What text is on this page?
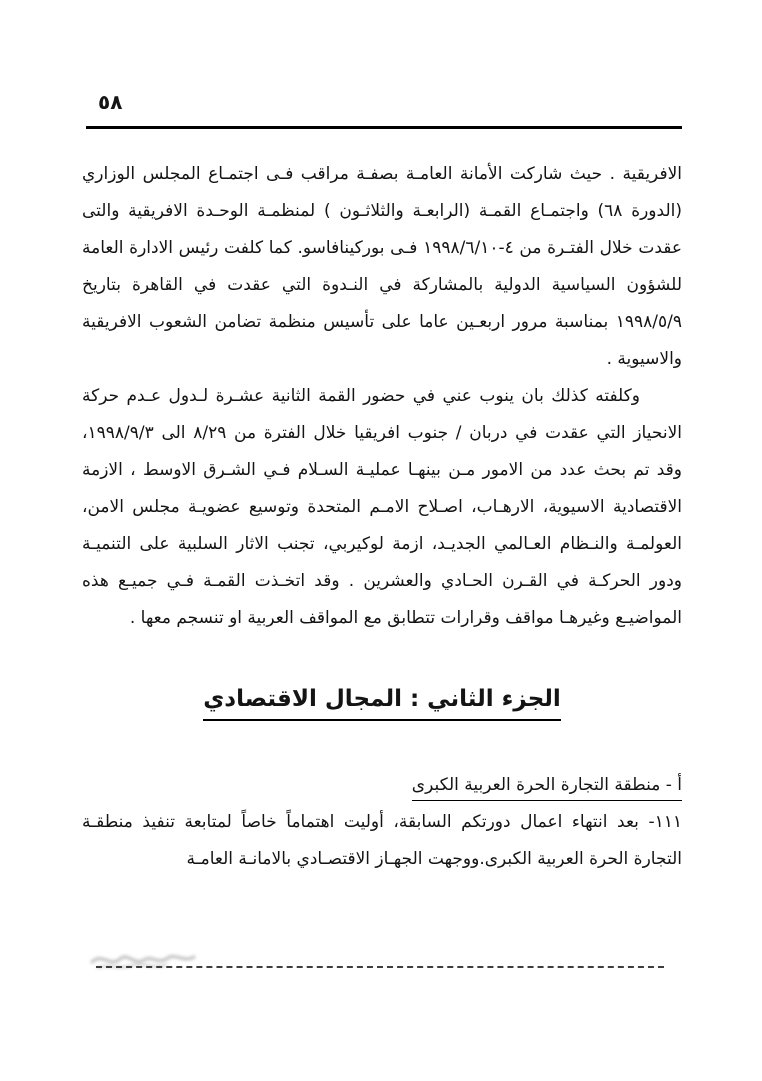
٥٨

الافريقية . حيث شاركت الأمانة العامـة بصفـة مراقب فـى اجتمـاع المجلس الوزاري (الدورة ٦٨) واجتمـاع القمـة (الرابعـة والثلاثـون ) لمنظمـة الوحـدة الافريقية والتى عقدت خلال الفتـرة من ٤-١٩٩٨/٦/١٠ فـى بوركينافاسو. كما كلفت رئيس الادارة العامة للشؤون السياسية الدولية بالمشاركة في النـدوة التي عقدت في القاهرة بتاريخ ١٩٩٨/٥/٩ بمناسبة مرور اربعـين عاما على تأسيس منظمة تضامن الشعوب الافريقية والاسيوية .

وكلفته كذلك بان ينوب عني في حضور القمة الثانية عشـرة لـدول عـدم حركة الانحياز التي عقدت في دربان / جنوب افريقيا خلال الفترة من ٨/٢٩ الى ١٩٩٨/٩/٣، وقد تم بحث عدد من الامور مـن بينهـا عمليـة السـلام فـي الشـرق الاوسط ، الازمة الاقتصادية الاسيوية، الارهـاب، اصـلاح الامـم المتحدة وتوسيع عضويـة مجلس الامن، العولمـة والنـظام العـالمي الجديـد، ازمة لوكيربي، تجنب الاثار السلبية على التنميـة ودور الحركـة في القـرن الحـادي والعشرين . وقد اتخـذت القمـة فـي جميـع هذه المواضيـع وغيرهـا مواقف وقرارات تتطابق مع المواقف العربية او تنسجم معها .

الجزء الثاني : المجال الاقتصادي
أ - منطقة التجارة الحرة العربية الكبرى

١١١- بعد انتهاء اعمال دورتكم السابقة، أوليت اهتماماً خاصاً لمتابعة تنفيذ منطقـة التجارة الحرة العربية الكبرى.ووجهت الجهـاز الاقتصـادي بالامانـة العامـة
